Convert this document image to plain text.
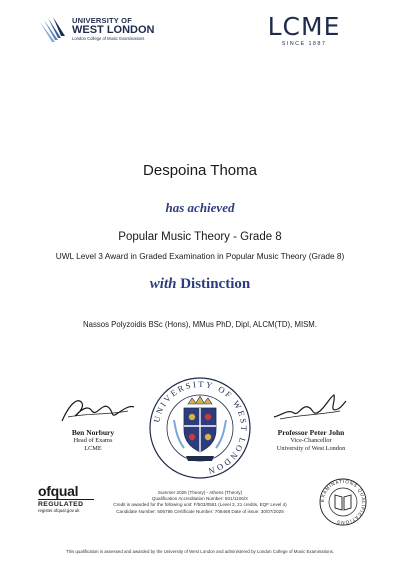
UNIVERSITY OF
WEST LONDON
London College of Music Examinations	LCME
SINCE 1887
Despoina Thoma
has achieved
Popular Music Theory - Grade 8
UWL Level 3 Award in Graded Examination in Popular Music Theory (Grade 8)
with Distinction
Nassos Polyzoidis BSc (Hons), MMus PhD, Dipl, ALCM(TD), MISM.
Ben Norbury
Head of Exams
LCME
Professor Peter John
Vice-Chancellor
University of West London
UNIVERSITY OF WEST LONDON
ofqual
REGULATED
register.ofqual.gov.uk
Summer 2025 (Theory) - Athens (Theory)
Qualification Accreditation Number: 501/1106/X
Credit is awarded for the following unit: F/503/0581 (Level 3, 21 credits, EQF Level 4)
Candidate Number: 506786 Certificate Number: 708468 Date of issue: 30/07/2025
EXAMINATIONS QUALIFICATIONS
This qualification is assessed and awarded by the University of West London and administered by London College of Music Examinations.
